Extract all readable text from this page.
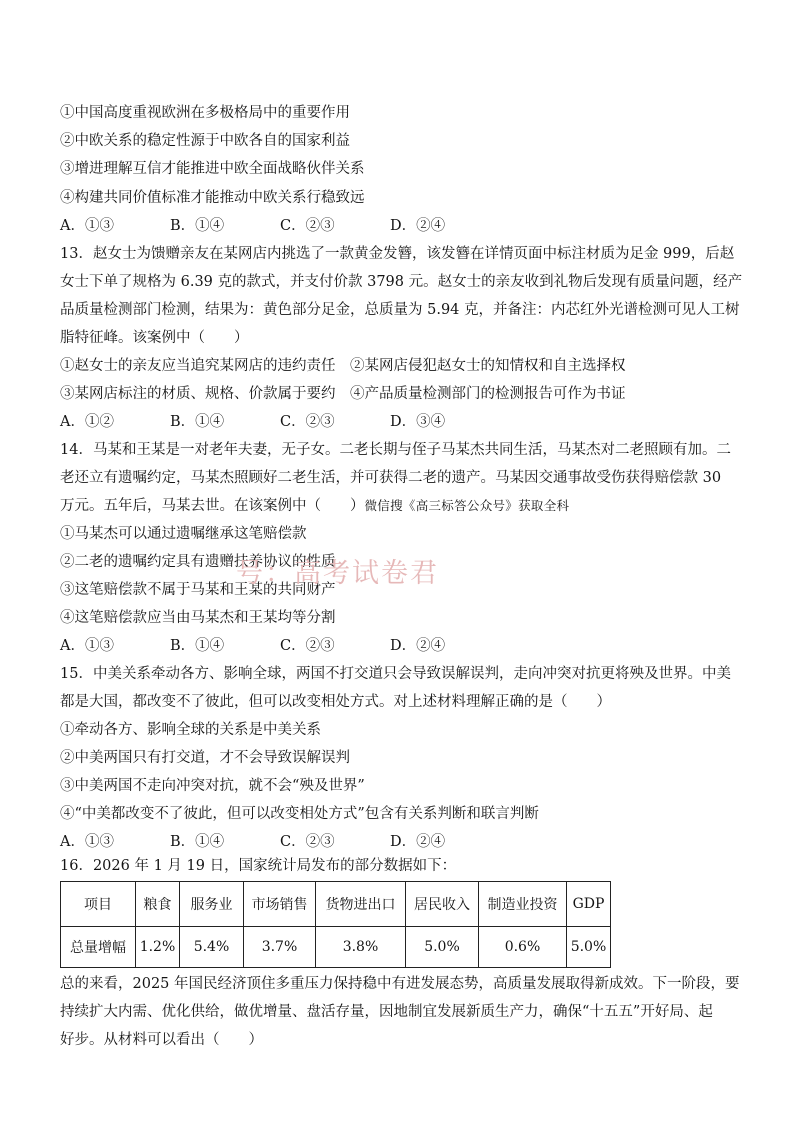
①中国高度重视欧洲在多极格局中的重要作用
②中欧关系的稳定性源于中欧各自的国家利益
③增进理解互信才能推进中欧全面战略伙伴关系
④构建共同价值标准才能推动中欧关系行稳致远
A．①③	B．①④	C．②③	D．②④
13．赵女士为馈赠亲友在某网店内挑选了一款黄金发簪，该发簪在详情页面中标注材质为足金 999，后赵
女士下单了规格为 6.39 克的款式，并支付价款 3798 元。赵女士的亲友收到礼物后发现有质量问题，经产
品质量检测部门检测，结果为：黄色部分足金，总质量为 5.94 克，并备注：内芯红外光谱检测可见人工树
脂特征峰。该案例中（　　）
①赵女士的亲友应当追究某网店的违约责任　②某网店侵犯赵女士的知情权和自主选择权
③某网店标注的材质、规格、价款属于要约　④产品质量检测部门的检测报告可作为书证
A．①②	B．①④	C．②③	D．③④
14．马某和王某是一对老年夫妻，无子女。二老长期与侄子马某杰共同生活，马某杰对二老照顾有加。二
老还立有遗嘱约定，马某杰照顾好二老生活，并可获得二老的遗产。马某因交通事故受伤获得赔偿款 30
万元。五年后，马某去世。在该案例中（　　）微信搜《高三标答公众号》获取全科
①马某杰可以通过遗嘱继承这笔赔偿款
②二老的遗嘱约定具有遗赠扶养协议的性质
③这笔赔偿款不属于马某和王某的共同财产
④这笔赔偿款应当由马某杰和王某均等分割
A．①③	B．①④	C．②③	D．②④
号：高考试卷君
15．中美关系牵动各方、影响全球，两国不打交道只会导致误解误判，走向冲突对抗更将殃及世界。中美
都是大国，都改变不了彼此，但可以改变相处方式。对上述材料理解正确的是（　　）
①牵动各方、影响全球的关系是中美关系
②中美两国只有打交道，才不会导致误解误判
③中美两国不走向冲突对抗，就不会“殃及世界”
④“中美都改变不了彼此，但可以改变相处方式”包含有关系判断和联言判断
A．①③	B．①④	C．②③	D．②④
16．2026 年 1 月 19 日，国家统计局发布的部分数据如下：
项目	粮食	服务业	市场销售	货物进出口	居民收入	制造业投资	GDP
总量增幅	1.2%	5.4%	3.7%	3.8%	5.0%	0.6%	5.0%
总的来看，2025 年国民经济顶住多重压力保持稳中有进发展态势，高质量发展取得新成效。下一阶段，要
持续扩大内需、优化供给，做优增量、盘活存量，因地制宜发展新质生产力，确保“十五五”开好局、起
好步。从材料可以看出（　　）
